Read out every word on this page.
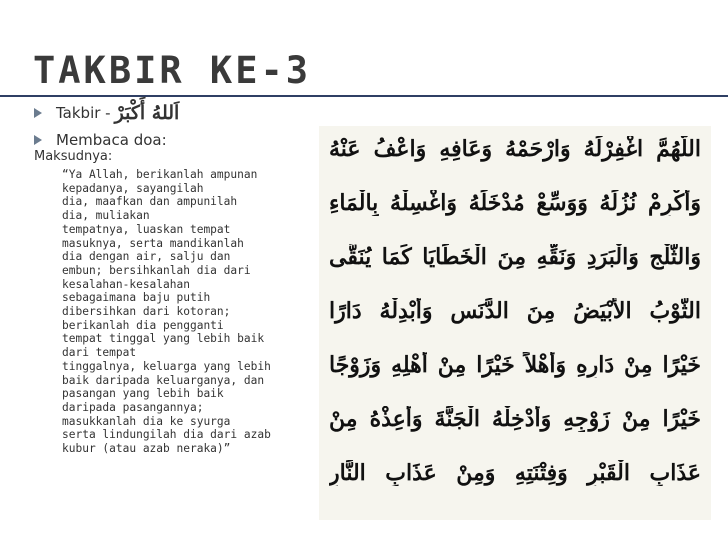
TAKBIR KE-3
Takbir - اَللهُ أَكْبَرْ
Membaca doa:
Maksudnya:
“Ya Allah, berikanlah ampunan
kepadanya, sayangilah
dia, maafkan dan ampunilah
dia, muliakan
tempatnya, luaskan tempat
masuknya, serta mandikanlah
dia dengan air, salju dan
embun; bersihkanlah dia dari
kesalahan-kesalahan
sebagaimana baju putih
dibersihkan dari kotoran;
berikanlah dia pengganti
tempat tinggal yang lebih baik
dari tempat
tinggalnya, keluarga yang lebih
baik daripada keluarganya, dan
pasangan yang lebih baik
daripada pasangannya;
masukkanlah dia ke syurga
serta lindungilah dia dari azab
kubur (atau azab neraka)”
اللَّهُمَّ اغْفِرْلَهُ وَارْحَمْهُ وَعَافِهِ وَاعْفُ عَنْهُ
وَأَكْرِمْ نُزُلَهُ وَوَسِّعْ مُدْخَلَهُ وَاغْسِلْهُ بِالْمَاءِ
وَالثَّلْجِ وَالْبَرَدِ وَنَقِّهِ مِنَ الْخَطَايَا كَمَا يُنَقَّى
الثَّوْبُ الأَبْيَضُ مِنَ الدَّنَسِ وَأَبْدِلْهُ دَارًا
خَيْرًا مِنْ دَارِهِ وَأَهْلاً خَيْرًا مِنْ أَهْلِهِ وَزَوْجًا
خَيْرًا مِنْ زَوْجِهِ وَأَدْخِلْهُ الْجَنَّةَ وَأَعِذْهُ مِنْ
عَذَابِ الْقَبْرِ وَفِتْنَتِهِ وَمِنْ عَذَابِ النَّارِ
